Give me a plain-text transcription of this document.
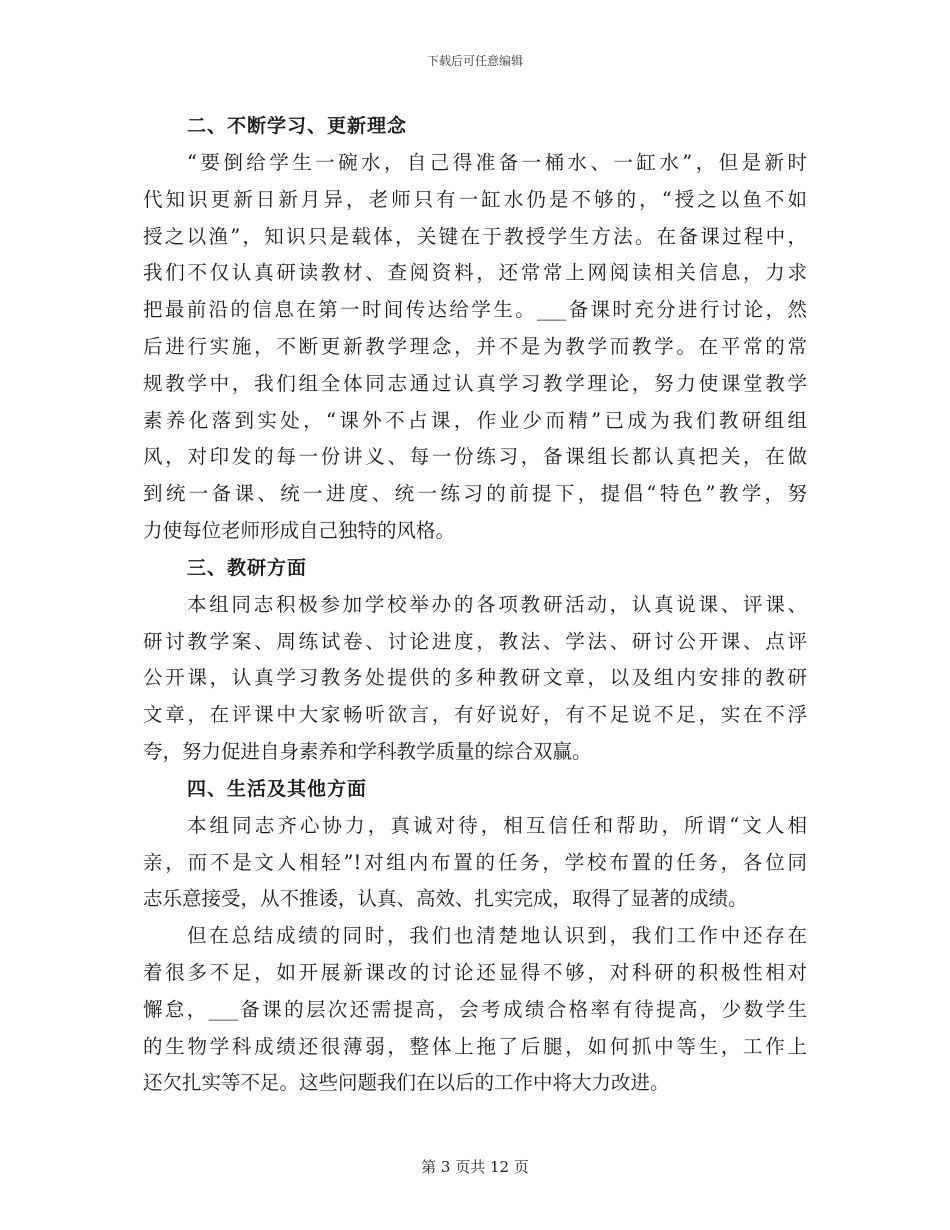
下载后可任意编辑
二、不断学习、更新理念
“要倒给学生一碗水，自己得准备一桶水、一缸水”，但是新时
代知识更新日新月异，老师只有一缸水仍是不够的，“授之以鱼不如
授之以渔”，知识只是载体，关键在于教授学生方法。在备课过程中，
我们不仅认真研读教材、查阅资料，还常常上网阅读相关信息，力求
把最前沿的信息在第一时间传达给学生。___备课时充分进行讨论，然
后进行实施，不断更新教学理念，并不是为教学而教学。在平常的常
规教学中，我们组全体同志通过认真学习教学理论，努力使课堂教学
素养化落到实处，“课外不占课，作业少而精”已成为我们教研组组
风，对印发的每一份讲义、每一份练习，备课组长都认真把关，在做
到统一备课、统一进度、统一练习的前提下，提倡“特色”教学，努
力使每位老师形成自己独特的风格。
三、教研方面
本组同志积极参加学校举办的各项教研活动，认真说课、评课、
研讨教学案、周练试卷、讨论进度，教法、学法、研讨公开课、点评
公开课，认真学习教务处提供的多种教研文章，以及组内安排的教研
文章，在评课中大家畅听欲言，有好说好，有不足说不足，实在不浮
夸，努力促进自身素养和学科教学质量的综合双赢。
四、生活及其他方面
本组同志齐心协力，真诚对待，相互信任和帮助，所谓“文人相
亲，而不是文人相轻”!对组内布置的任务，学校布置的任务，各位同
志乐意接受，从不推诿，认真、高效、扎实完成，取得了显著的成绩。
但在总结成绩的同时，我们也清楚地认识到，我们工作中还存在
着很多不足，如开展新课改的讨论还显得不够，对科研的积极性相对
懈怠，___备课的层次还需提高，会考成绩合格率有待提高，少数学生
的生物学科成绩还很薄弱，整体上拖了后腿，如何抓中等生，工作上
还欠扎实等不足。这些问题我们在以后的工作中将大力改进。
第 3 页共 12 页
